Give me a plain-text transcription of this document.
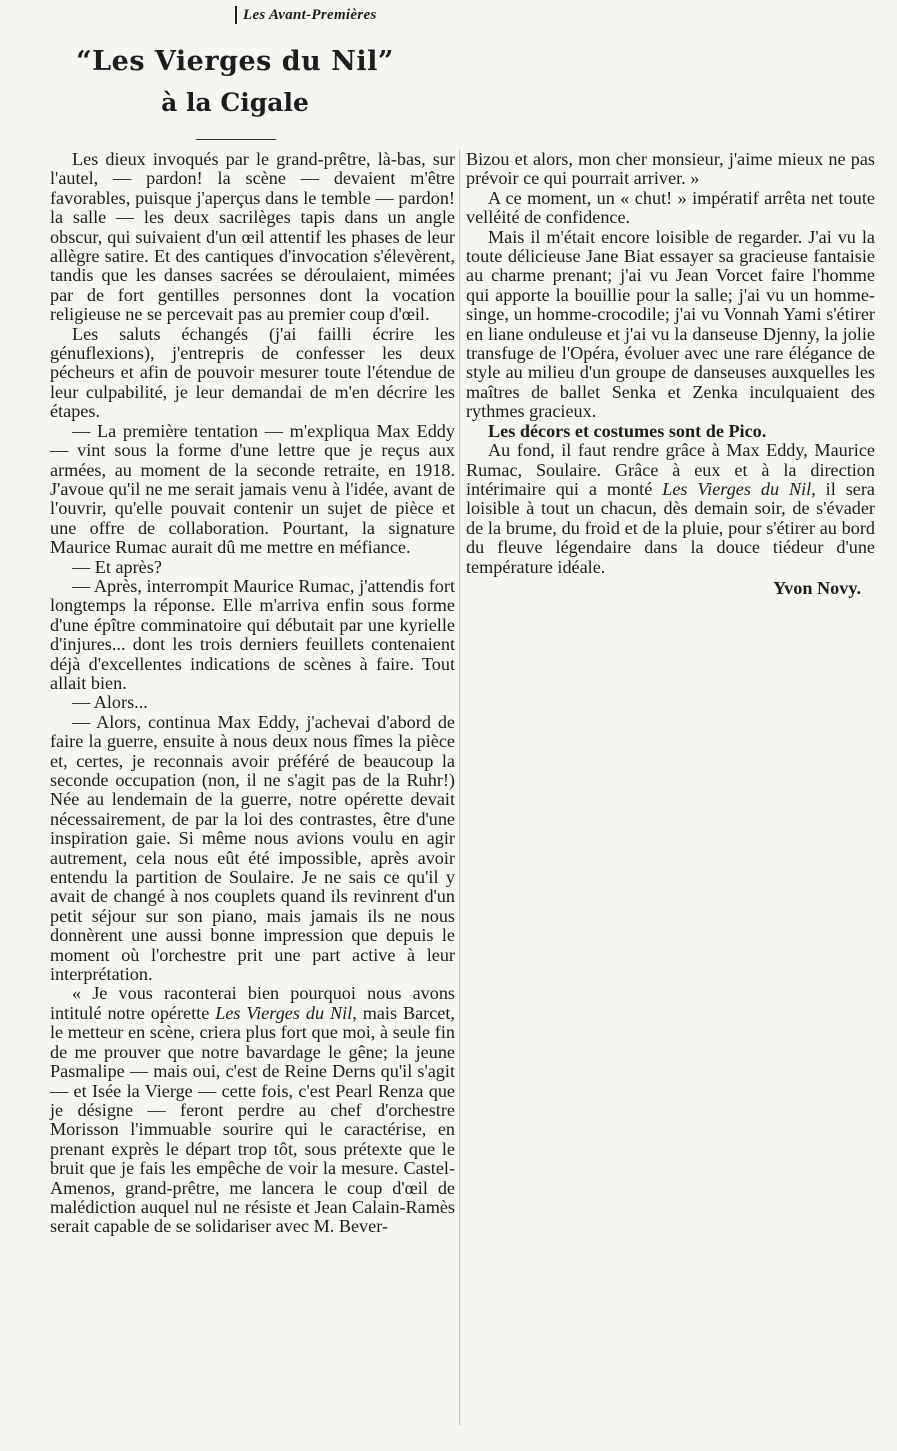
Les Avant-Premières
“Les Vierges du Nil”
à la Cigale

Les dieux invoqués par le grand-prêtre, là-bas, sur l'autel, — pardon! la scène — devaient m'être favorables, puisque j'aperçus dans le temble — pardon! la salle — les deux sacrilèges tapis dans un angle obscur, qui suivaient d'un œil attentif les phases de leur allègre satire. Et des cantiques d'invocation s'élevèrent, tandis que les danses sacrées se déroulaient, mimées par de fort gentilles personnes dont la vocation religieuse ne se percevait pas au premier coup d'œil.

Les saluts échangés (j'ai failli écrire les génuflexions), j'entrepris de confesser les deux pécheurs et afin de pouvoir mesurer toute l'étendue de leur culpabilité, je leur demandai de m'en décrire les étapes.

— La première tentation — m'expliqua Max Eddy — vint sous la forme d'une lettre que je reçus aux armées, au moment de la seconde retraite, en 1918. J'avoue qu'il ne me serait jamais venu à l'idée, avant de l'ouvrir, qu'elle pouvait contenir un sujet de pièce et une offre de collaboration. Pourtant, la signature Maurice Rumac aurait dû me mettre en méfiance.

— Et après?

— Après, interrompit Maurice Rumac, j'attendis fort longtemps la réponse. Elle m'arriva enfin sous forme d'une épître comminatoire qui débutait par une kyrielle d'injures... dont les trois derniers feuillets contenaient déjà d'excellentes indications de scènes à faire. Tout allait bien.

— Alors...

— Alors, continua Max Eddy, j'achevai d'abord de faire la guerre, ensuite à nous deux nous fîmes la pièce et, certes, je reconnais avoir préféré de beaucoup la seconde occupation (non, il ne s'agit pas de la Ruhr!) Née au lendemain de la guerre, notre opérette devait nécessairement, de par la loi des contrastes, être d'une inspiration gaie. Si même nous avions voulu en agir autrement, cela nous eût été impossible, après avoir entendu la partition de Soulaire. Je ne sais ce qu'il y avait de changé à nos couplets quand ils revinrent d'un petit séjour sur son piano, mais jamais ils ne nous donnèrent une aussi bonne impression que depuis le moment où l'orchestre prit une part active à leur interprétation.

« Je vous raconterai bien pourquoi nous avons intitulé notre opérette Les Vierges du Nil, mais Barcet, le metteur en scène, criera plus fort que moi, à seule fin de me prouver que notre bavardage le gêne; la jeune Pasmalipe — mais oui, c'est de Reine Derns qu'il s'agit — et Isée la Vierge — cette fois, c'est Pearl Renza que je désigne — feront perdre au chef d'orchestre Morisson l'immuable sourire qui le caractérise, en prenant exprès le départ trop tôt, sous prétexte que le bruit que je fais les empêche de voir la mesure. Castel-Amenos, grand-prêtre, me lancera le coup d'œil de malédiction auquel nul ne résiste et Jean Calain-Ramès serait capable de se solidariser avec M. Bever-

Bizou et alors, mon cher monsieur, j'aime mieux ne pas prévoir ce qui pourrait arriver. »

A ce moment, un « chut! » impératif arrêta net toute velléité de confidence.

Mais il m'était encore loisible de regarder. J'ai vu la toute délicieuse Jane Biat essayer sa gracieuse fantaisie au charme prenant; j'ai vu Jean Vorcet faire l'homme qui apporte la bouillie pour la salle; j'ai vu un homme-singe, un homme-crocodile; j'ai vu Vonnah Yami s'étirer en liane onduleuse et j'ai vu la danseuse Djenny, la jolie transfuge de l'Opéra, évoluer avec une rare élégance de style au milieu d'un groupe de danseuses auxquelles les maîtres de ballet Senka et Zenka inculquaient des rythmes gracieux.

Les décors et costumes sont de Pico.

Au fond, il faut rendre grâce à Max Eddy, Maurice Rumac, Soulaire. Grâce à eux et à la direction intérimaire qui a monté Les Vierges du Nil, il sera loisible à tout un chacun, dès demain soir, de s'évader de la brume, du froid et de la pluie, pour s'étirer au bord du fleuve légendaire dans la douce tiédeur d'une température idéale.

Yvon Novy.
